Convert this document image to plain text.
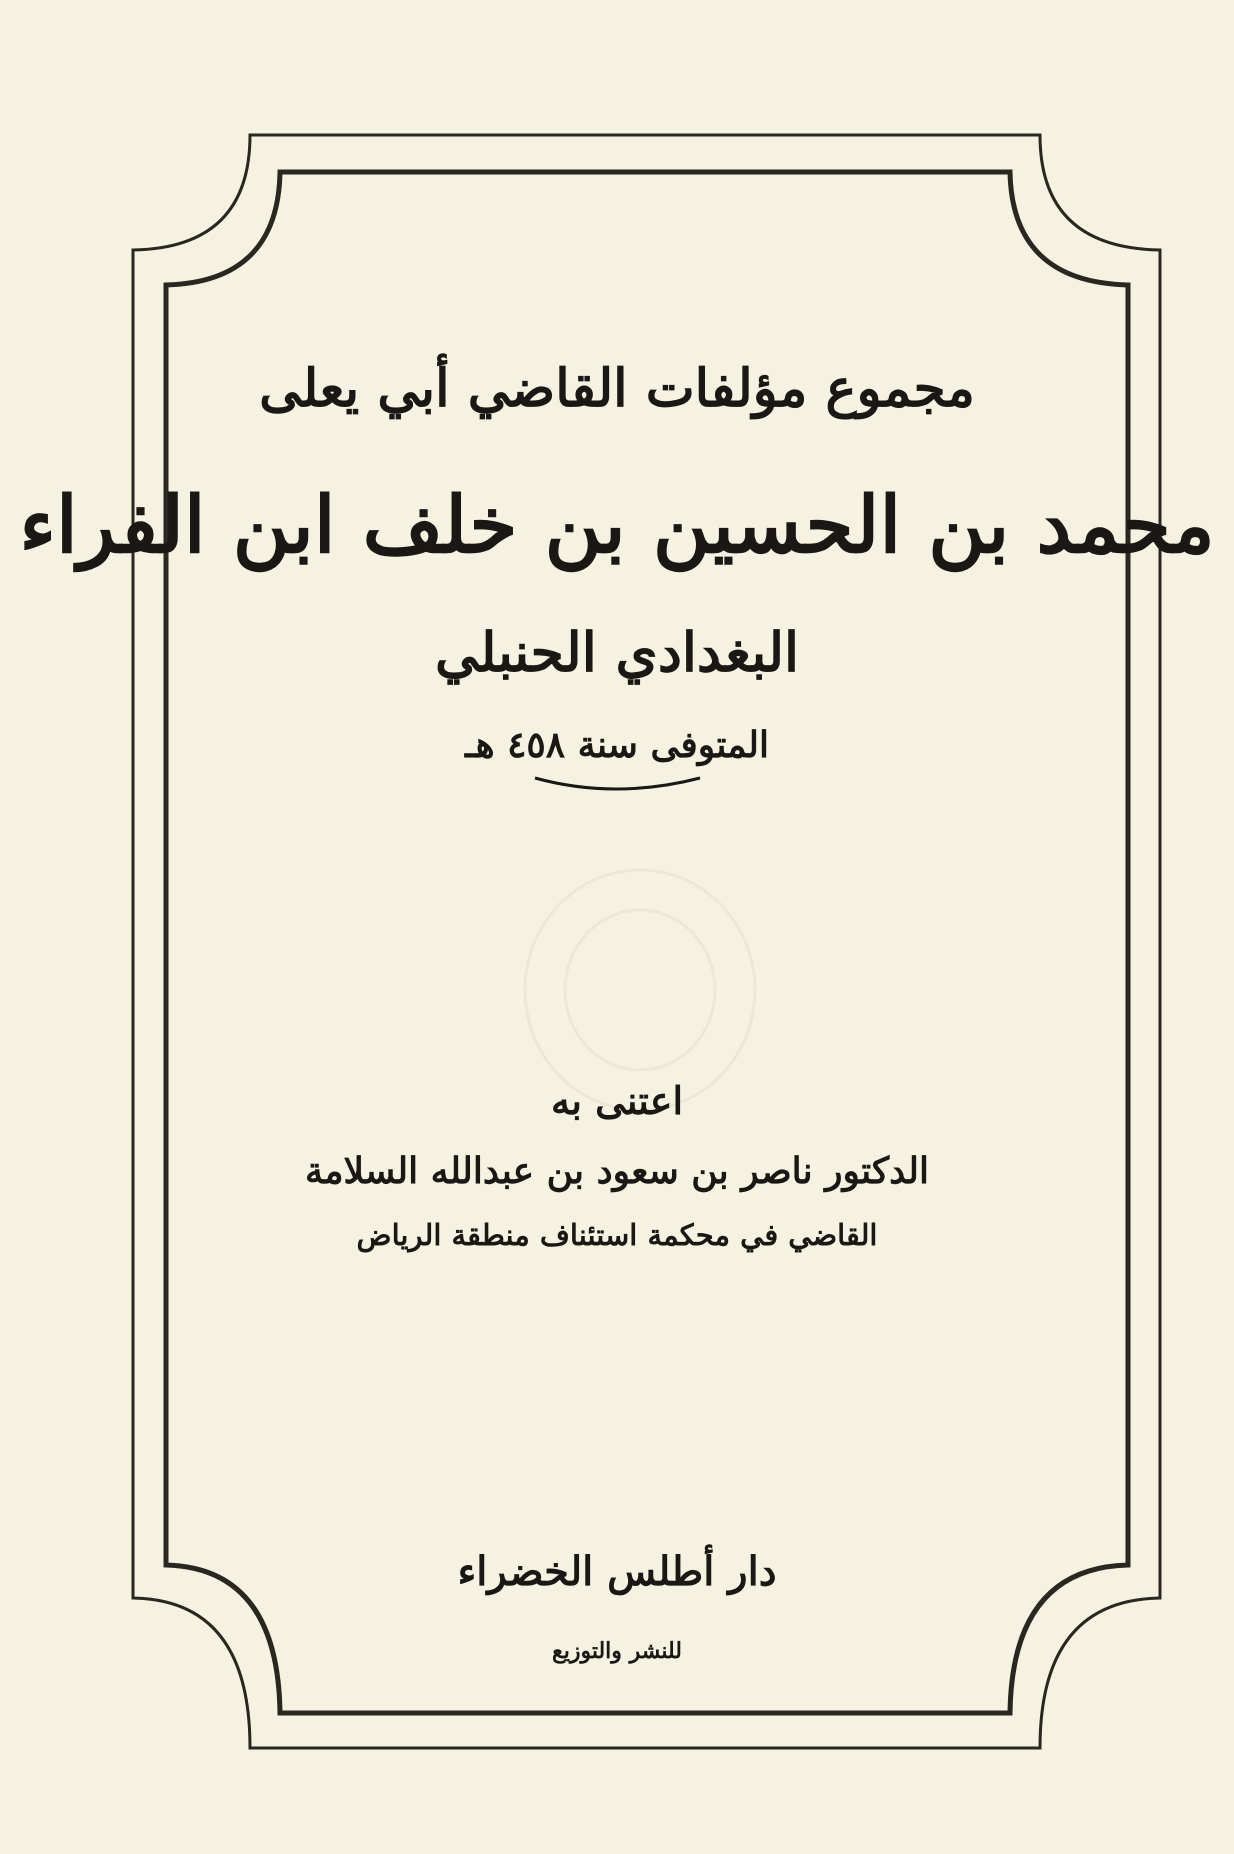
مجموع مؤلفات القاضي أبي يعلى
محمد بن الحسين بن خلف ابن الفراء
البغدادي الحنبلي
المتوفى سنة ٤٥٨ هـ
اعتنى به
الدكتور ناصر بن سعود بن عبدالله السلامة
القاضي في محكمة استئناف منطقة الرياض
دار أطلس الخضراء
للنشر والتوزيع
